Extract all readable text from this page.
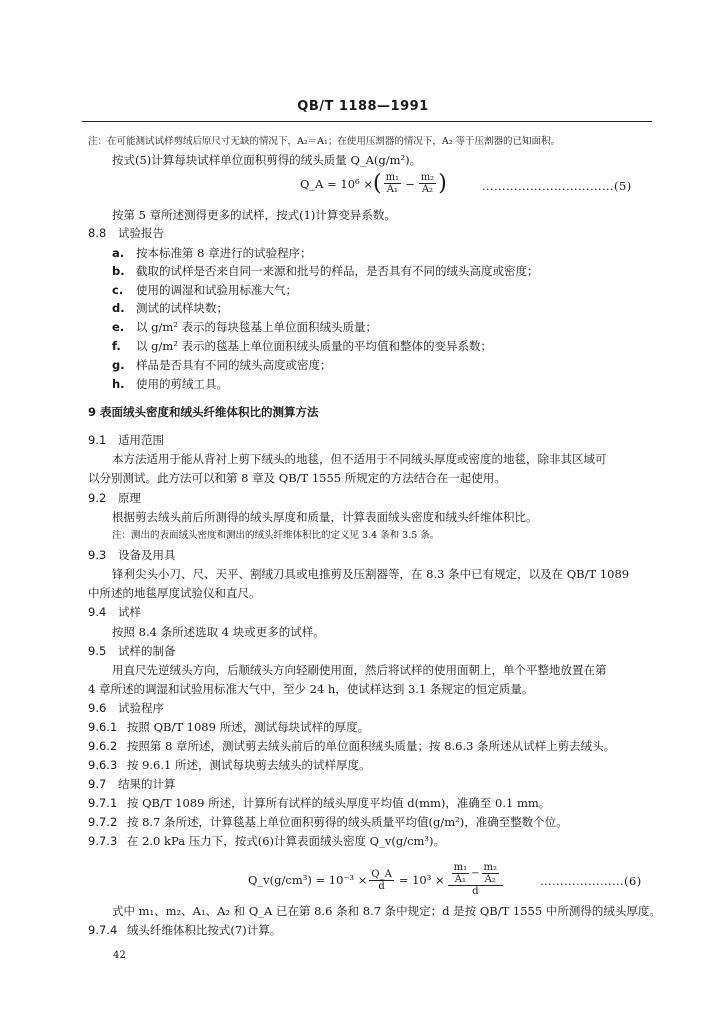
QB/T 1188—1991
注：在可能测试试样剪绒后原尺寸无缺的情况下，A₂＝A₁；在使用压割器的情况下，A₂ 等于压割器的已知面积。
按式(5)计算每块试样单位面积剪得的绒头质量 Q_A(g/m²)。
Q_A = 10⁶ × ( $\frac{\text{m₁}}{\text{A₁}} - \frac{\text{m₂}}{\text{A₂}}$ )	……………………………(5)
按第 5 章所述测得更多的试样，按式(1)计算变异系数。
8.8 试验报告
a. 按本标准第 8 章进行的试验程序；
b. 截取的试样是否来自同一来源和批号的样品，是否具有不同的绒头高度或密度；
c. 使用的调湿和试验用标准大气；
d. 测试的试样块数；
e. 以 g/m² 表示的每块毯基上单位面积绒头质量；
f. 以 g/m² 表示的毯基上单位面积绒头质量的平均值和整体的变异系数；
g. 样品是否具有不同的绒头高度或密度；
h. 使用的剪绒工具。
9 表面绒头密度和绒头纤维体积比的测算方法
9.1 适用范围
本方法适用于能从背衬上剪下绒头的地毯，但不适用于不同绒头厚度或密度的地毯，除非其区域可
以分别测试。此方法可以和第 8 章及 QB/T 1555 所规定的方法结合在一起使用。
9.2 原理
根据剪去绒头前后所测得的绒头厚度和质量，计算表面绒头密度和绒头纤维体积比。
注：测出的表面绒头密度和测出的绒头纤维体积比的定义见 3.4 条和 3.5 条。
9.3 设备及用具
锋利尖头小刀、尺、天平、割绒刀具或电推剪及压割器等，在 8.3 条中已有规定，以及在 QB/T 1089
中所述的地毯厚度试验仪和直尺。
9.4 试样
按照 8.4 条所述选取 4 块或更多的试样。
9.5 试样的制备
用直尺先逆绒头方向，后顺绒头方向轻刷使用面，然后将试样的使用面朝上，单个平整地放置在第
4 章所述的调湿和试验用标准大气中，至少 24 h，使试样达到 3.1 条规定的恒定质量。
9.6 试验程序
9.6.1 按照 QB/T 1089 所述，测试每块试样的厚度。
9.6.2 按照第 8 章所述，测试剪去绒头前后的单位面积绒头质量；按 8.6.3 条所述从试样上剪去绒头。
9.6.3 按 9.6.1 所述，测试每块剪去绒头的试样厚度。
9.7 结果的计算
9.7.1 按 QB/T 1089 所述，计算所有试样的绒头厚度平均值 d(mm)，准确至 0.1 mm。
9.7.2 按 8.7 条所述，计算毯基上单位面积剪得的绒头质量平均值(g/m²)，准确至整数个位。
9.7.3 在 2.0 kPa 压力下，按式(6)计算表面绒头密度 Q_v(g/cm³)。
Q_v(g/cm³) = $10^{-3} \times \frac{Q\_A}{d} = 10^3 \times \frac{\text{m₁}}{\text{A₁}} - \frac{\text{m₂}}{\text{A₂}}$
d
…………………(6)
式中 m₁、m₂、A₁、A₂ 和 Q_A 已在第 8.6 条和 8.7 条中规定；d 是按 QB/T 1555 中所测得的绒头厚度。
9.7.4 绒头纤维体积比按式(7)计算。
42
